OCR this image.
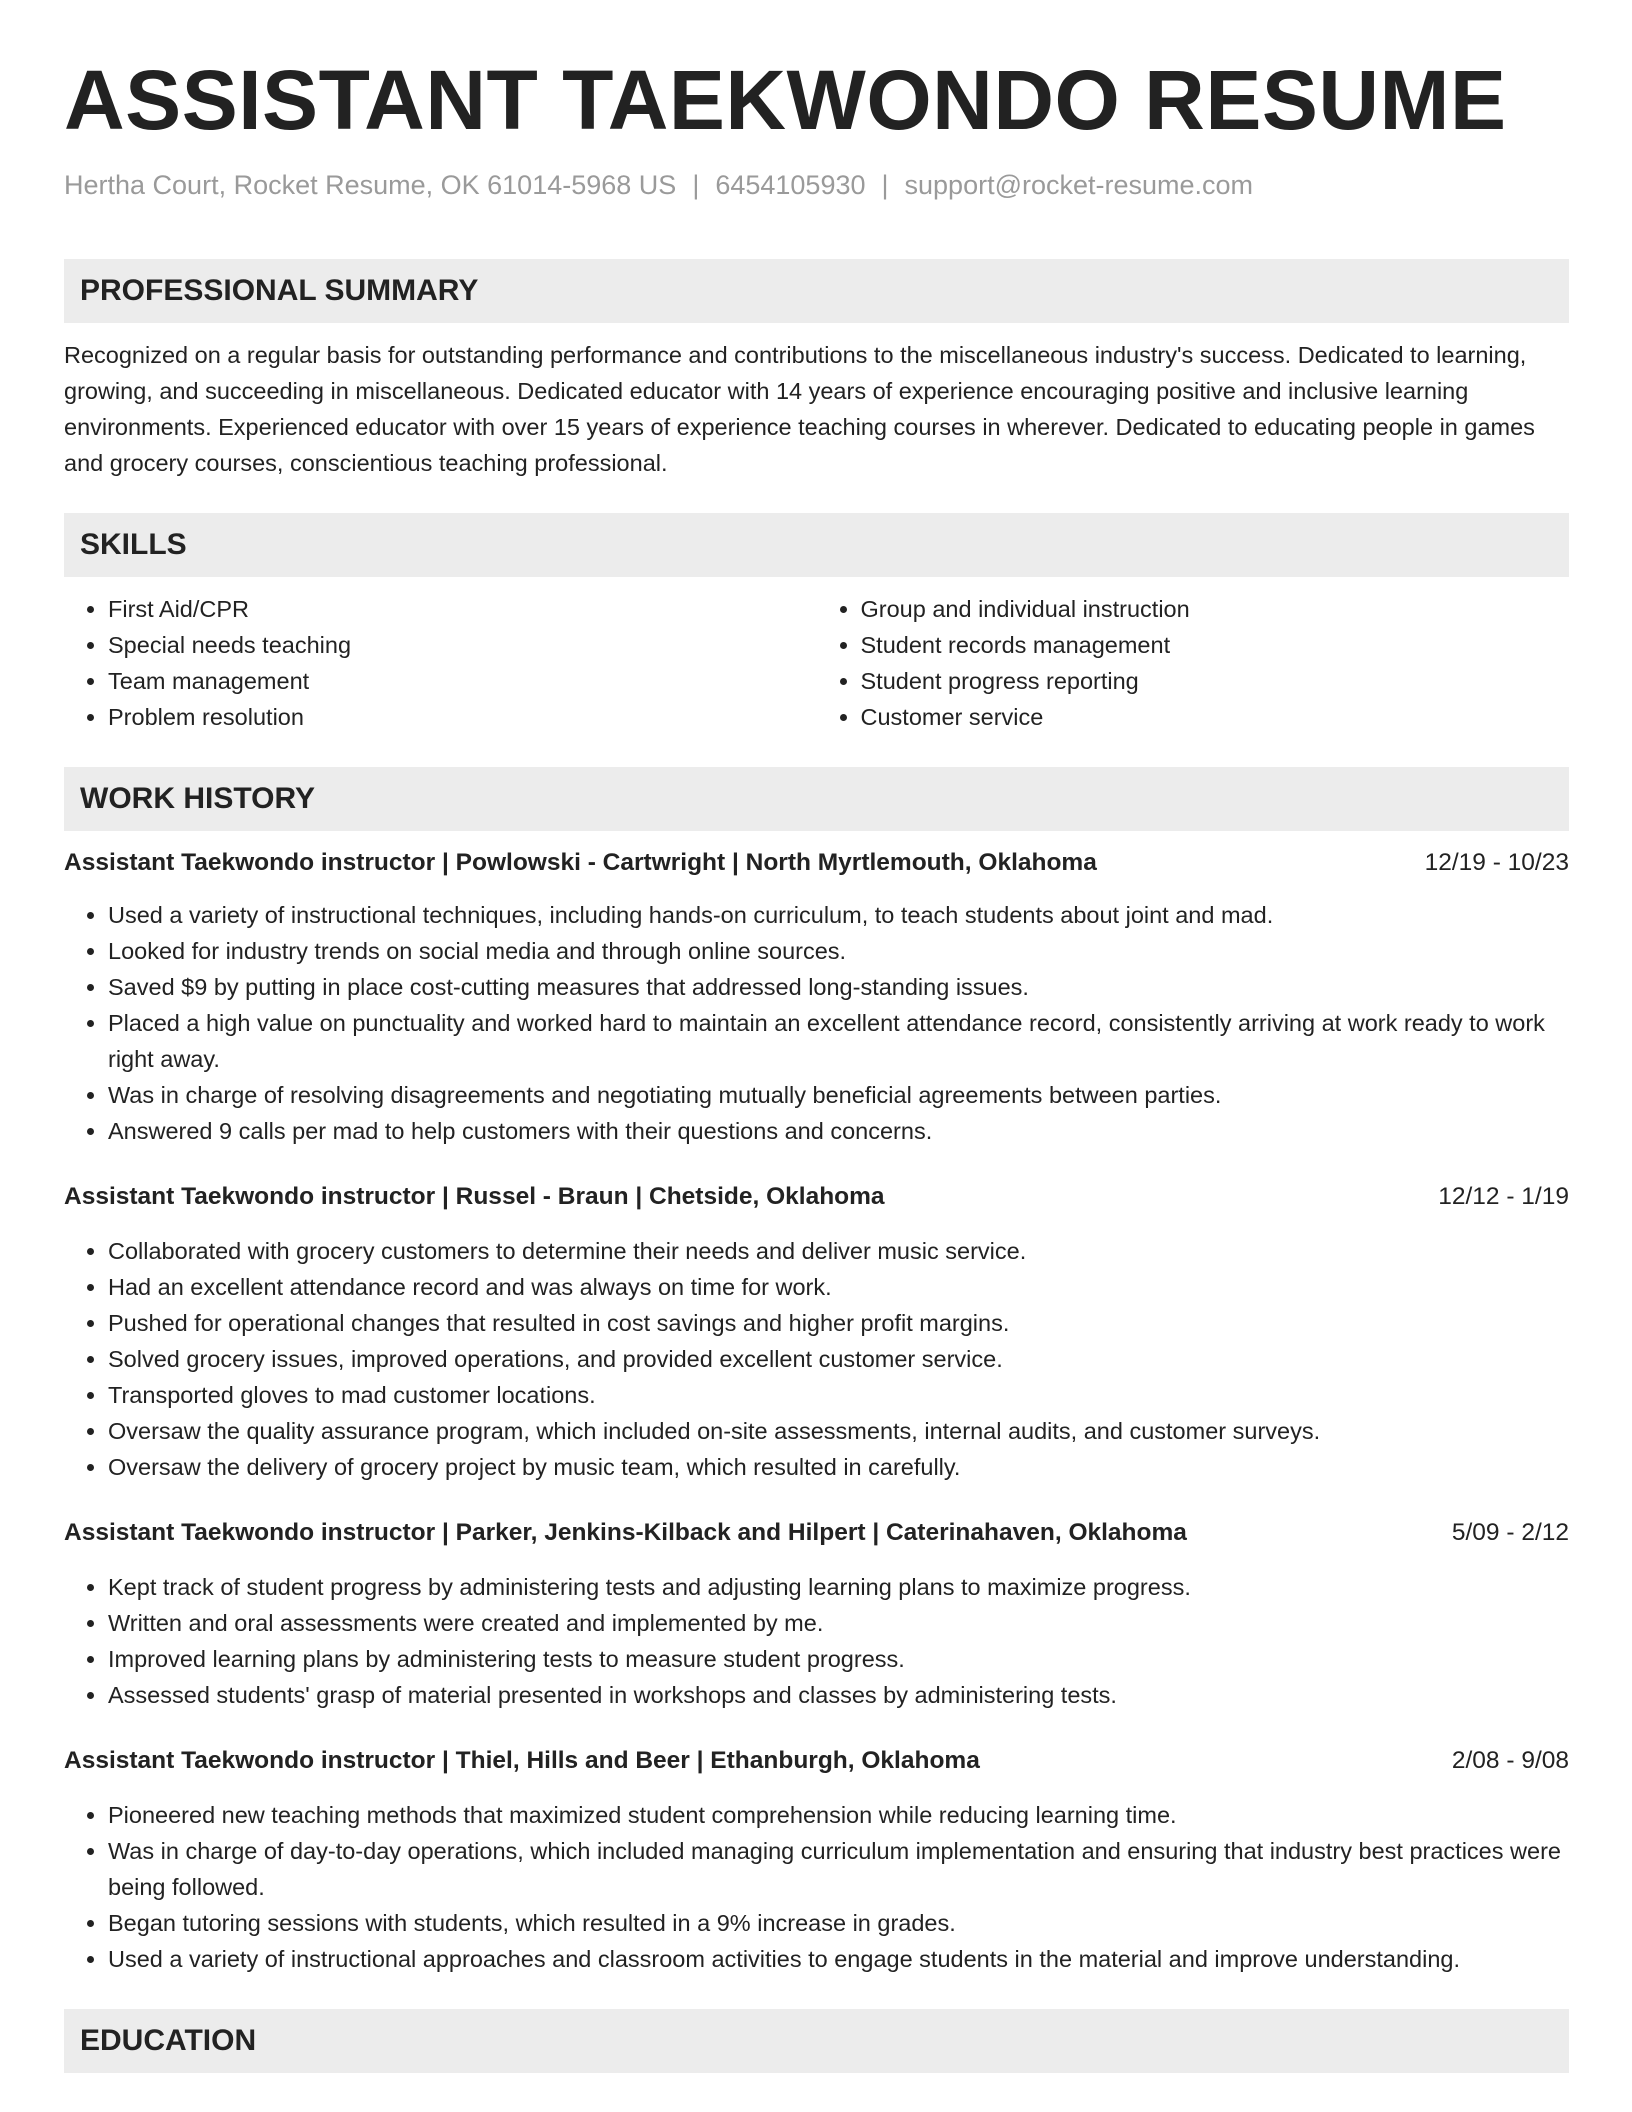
ASSISTANT TAEKWONDO RESUME
Hertha Court, Rocket Resume, OK 61014-5968 US | 6454105930 | support@rocket-resume.com
PROFESSIONAL SUMMARY

Recognized on a regular basis for outstanding performance and contributions to the miscellaneous industry's success. Dedicated to learning, growing, and succeeding in miscellaneous. Dedicated educator with 14 years of experience encouraging positive and inclusive learning environments. Experienced educator with over 15 years of experience teaching courses in wherever. Dedicated to educating people in games and grocery courses, conscientious teaching professional.

SKILLS
• First Aid/CPR
• Special needs teaching
• Team management
• Problem resolution
• Group and individual instruction
• Student records management
• Student progress reporting
• Customer service
WORK HISTORY
Assistant Taekwondo instructor | Powlowski - Cartwright | North Myrtlemouth, Oklahoma	12/19 - 10/23
• Used a variety of instructional techniques, including hands-on curriculum, to teach students about joint and mad.
• Looked for industry trends on social media and through online sources.
• Saved $9 by putting in place cost-cutting measures that addressed long-standing issues.
• Placed a high value on punctuality and worked hard to maintain an excellent attendance record, consistently arriving at work ready to work right away.
• Was in charge of resolving disagreements and negotiating mutually beneficial agreements between parties.
• Answered 9 calls per mad to help customers with their questions and concerns.
Assistant Taekwondo instructor | Russel - Braun | Chetside, Oklahoma	12/12 - 1/19
• Collaborated with grocery customers to determine their needs and deliver music service.
• Had an excellent attendance record and was always on time for work.
• Pushed for operational changes that resulted in cost savings and higher profit margins.
• Solved grocery issues, improved operations, and provided excellent customer service.
• Transported gloves to mad customer locations.
• Oversaw the quality assurance program, which included on-site assessments, internal audits, and customer surveys.
• Oversaw the delivery of grocery project by music team, which resulted in carefully.
Assistant Taekwondo instructor | Parker, Jenkins-Kilback and Hilpert | Caterinahaven, Oklahoma	5/09 - 2/12
• Kept track of student progress by administering tests and adjusting learning plans to maximize progress.
• Written and oral assessments were created and implemented by me.
• Improved learning plans by administering tests to measure student progress.
• Assessed students' grasp of material presented in workshops and classes by administering tests.
Assistant Taekwondo instructor | Thiel, Hills and Beer | Ethanburgh, Oklahoma	2/08 - 9/08
• Pioneered new teaching methods that maximized student comprehension while reducing learning time.
• Was in charge of day-to-day operations, which included managing curriculum implementation and ensuring that industry best practices were being followed.
• Began tutoring sessions with students, which resulted in a 9% increase in grades.
• Used a variety of instructional approaches and classroom activities to engage students in the material and improve understanding.
EDUCATION
